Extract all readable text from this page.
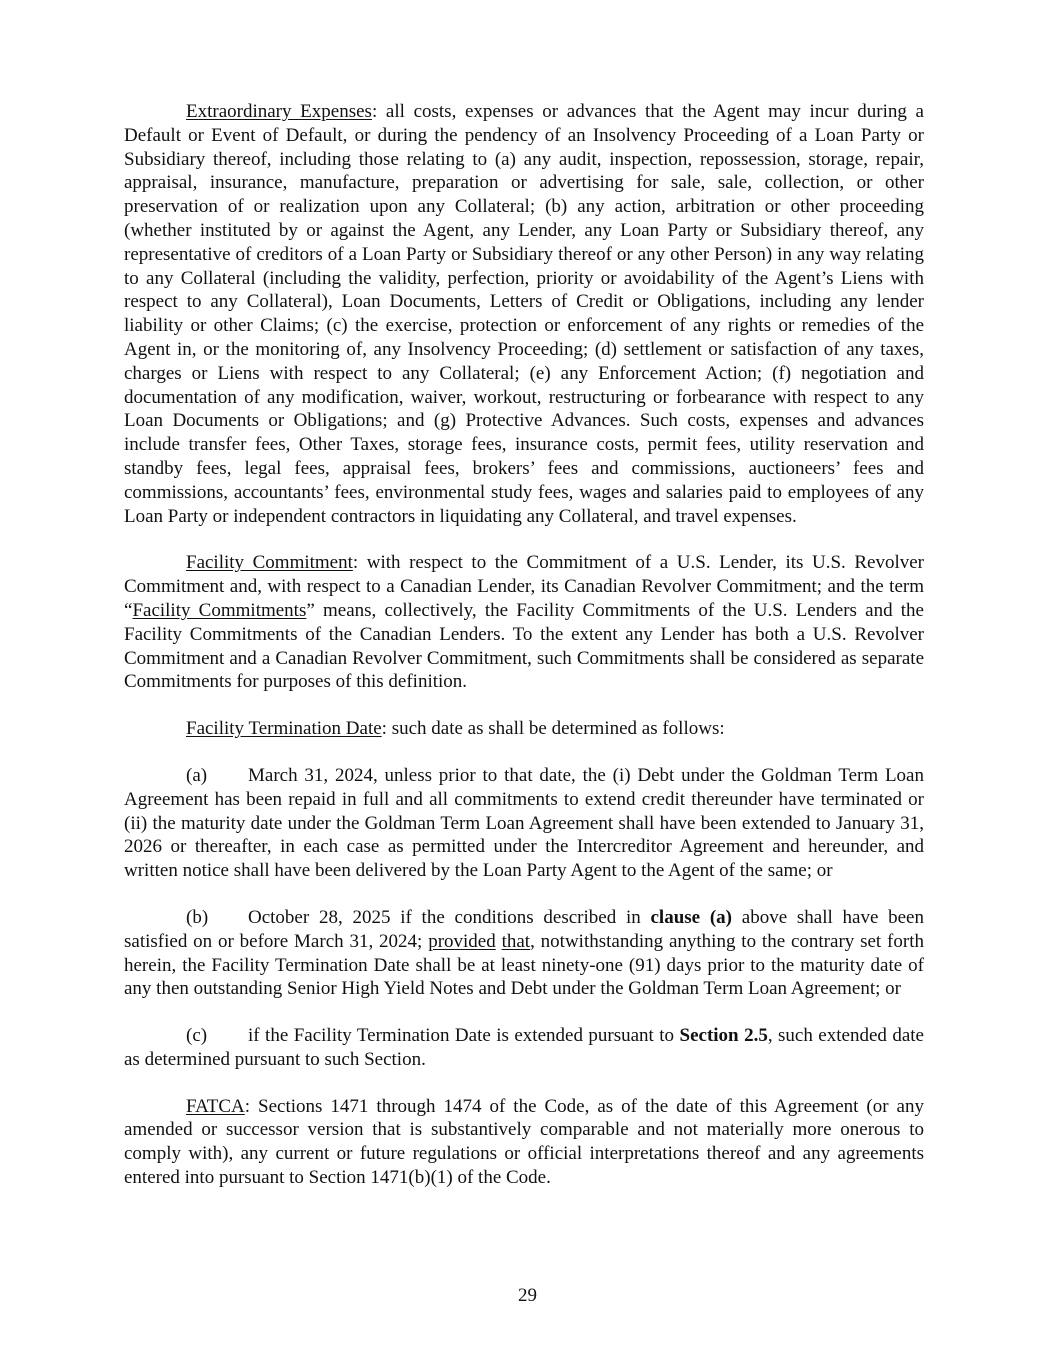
Extraordinary Expenses: all costs, expenses or advances that the Agent may incur during a Default or Event of Default, or during the pendency of an Insolvency Proceeding of a Loan Party or Subsidiary thereof, including those relating to (a) any audit, inspection, repossession, storage, repair, appraisal, insurance, manufacture, preparation or advertising for sale, sale, collection, or other preservation of or realization upon any Collateral; (b) any action, arbitration or other proceeding (whether instituted by or against the Agent, any Lender, any Loan Party or Subsidiary thereof, any representative of creditors of a Loan Party or Subsidiary thereof or any other Person) in any way relating to any Collateral (including the validity, perfection, priority or avoidability of the Agent’s Liens with respect to any Collateral), Loan Documents, Letters of Credit or Obligations, including any lender liability or other Claims; (c) the exercise, protection or enforcement of any rights or remedies of the Agent in, or the monitoring of, any Insolvency Proceeding; (d) settlement or satisfaction of any taxes, charges or Liens with respect to any Collateral; (e) any Enforcement Action; (f) negotiation and documentation of any modification, waiver, workout, restructuring or forbearance with respect to any Loan Documents or Obligations; and (g) Protective Advances. Such costs, expenses and advances include transfer fees, Other Taxes, storage fees, insurance costs, permit fees, utility reservation and standby fees, legal fees, appraisal fees, brokers’ fees and commissions, auctioneers’ fees and commissions, accountants’ fees, environmental study fees, wages and salaries paid to employees of any Loan Party or independent contractors in liquidating any Collateral, and travel expenses.

Facility Commitment: with respect to the Commitment of a U.S. Lender, its U.S. Revolver Commitment and, with respect to a Canadian Lender, its Canadian Revolver Commitment; and the term “Facility Commitments” means, collectively, the Facility Commitments of the U.S. Lenders and the Facility Commitments of the Canadian Lenders. To the extent any Lender has both a U.S. Revolver Commitment and a Canadian Revolver Commitment, such Commitments shall be considered as separate Commitments for purposes of this definition.

Facility Termination Date: such date as shall be determined as follows:

(a) March 31, 2024, unless prior to that date, the (i) Debt under the Goldman Term Loan Agreement has been repaid in full and all commitments to extend credit thereunder have terminated or (ii) the maturity date under the Goldman Term Loan Agreement shall have been extended to January 31, 2026 or thereafter, in each case as permitted under the Intercreditor Agreement and hereunder, and written notice shall have been delivered by the Loan Party Agent to the Agent of the same; or

(b) October 28, 2025 if the conditions described in clause (a) above shall have been satisfied on or before March 31, 2024; provided that, notwithstanding anything to the contrary set forth herein, the Facility Termination Date shall be at least ninety-one (91) days prior to the maturity date of any then outstanding Senior High Yield Notes and Debt under the Goldman Term Loan Agreement; or

(c) if the Facility Termination Date is extended pursuant to Section 2.5, such extended date as determined pursuant to such Section.

FATCA: Sections 1471 through 1474 of the Code, as of the date of this Agreement (or any amended or successor version that is substantively comparable and not materially more onerous to comply with), any current or future regulations or official interpretations thereof and any agreements entered into pursuant to Section 1471(b)(1) of the Code.

29
